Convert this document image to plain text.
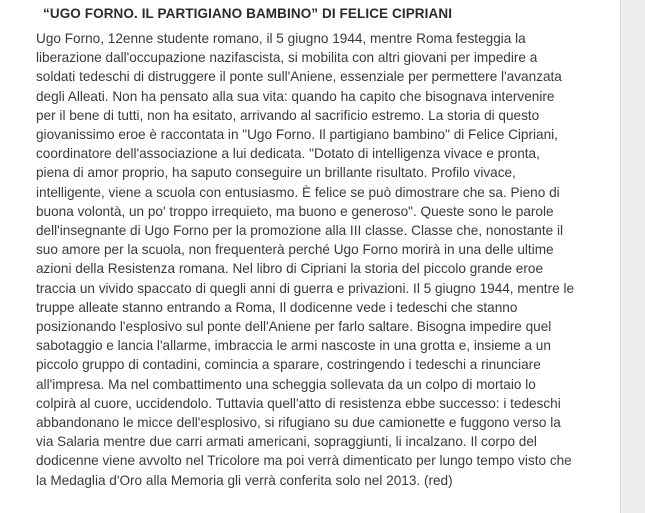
“UGO FORNO. IL PARTIGIANO BAMBINO” DI FELICE CIPRIANI

Ugo Forno, 12enne studente romano, il 5 giugno 1944, mentre Roma festeggia la
liberazione dall'occupazione nazifascista, si mobilita con altri giovani per impedire a
soldati tedeschi di distruggere il ponte sull'Aniene, essenziale per permettere l'avanzata
degli Alleati. Non ha pensato alla sua vita: quando ha capito che bisognava intervenire
per il bene di tutti, non ha esitato, arrivando al sacrificio estremo. La storia di questo
giovanissimo eroe è raccontata in "Ugo Forno. Il partigiano bambino" di Felice Cipriani,
coordinatore dell'associazione a lui dedicata. "Dotato di intelligenza vivace e pronta,
piena di amor proprio, ha saputo conseguire un brillante risultato. Profilo vivace,
intelligente, viene a scuola con entusiasmo. È felice se può dimostrare che sa. Pieno di
buona volontà, un po' troppo irrequieto, ma buono e generoso". Queste sono le parole
dell'insegnante di Ugo Forno per la promozione alla III classe. Classe che, nonostante il
suo amore per la scuola, non frequenterà perché Ugo Forno morirà in una delle ultime
azioni della Resistenza romana. Nel libro di Cipriani la storia del piccolo grande eroe
traccia un vivido spaccato di quegli anni di guerra e privazioni. Il 5 giugno 1944, mentre le
truppe alleate stanno entrando a Roma, Il dodicenne vede i tedeschi che stanno
posizionando l'esplosivo sul ponte dell'Aniene per farlo saltare. Bisogna impedire quel
sabotaggio e lancia l'allarme, imbraccia le armi nascoste in una grotta e, insieme a un
piccolo gruppo di contadini, comincia a sparare, costringendo i tedeschi a rinunciare
all'impresa. Ma nel combattimento una scheggia sollevata da un colpo di mortaio lo
colpirà al cuore, uccidendolo. Tuttavia quell'atto di resistenza ebbe successo: i tedeschi
abbandonano le micce dell'esplosivo, si rifugiano su due camionette e fuggono verso la
via Salaria mentre due carri armati americani, sopraggiunti, li incalzano. Il corpo del
dodicenne viene avvolto nel Tricolore ma poi verrà dimenticato per lungo tempo visto che
la Medaglia d'Oro alla Memoria gli verrà conferita solo nel 2013. (red)
